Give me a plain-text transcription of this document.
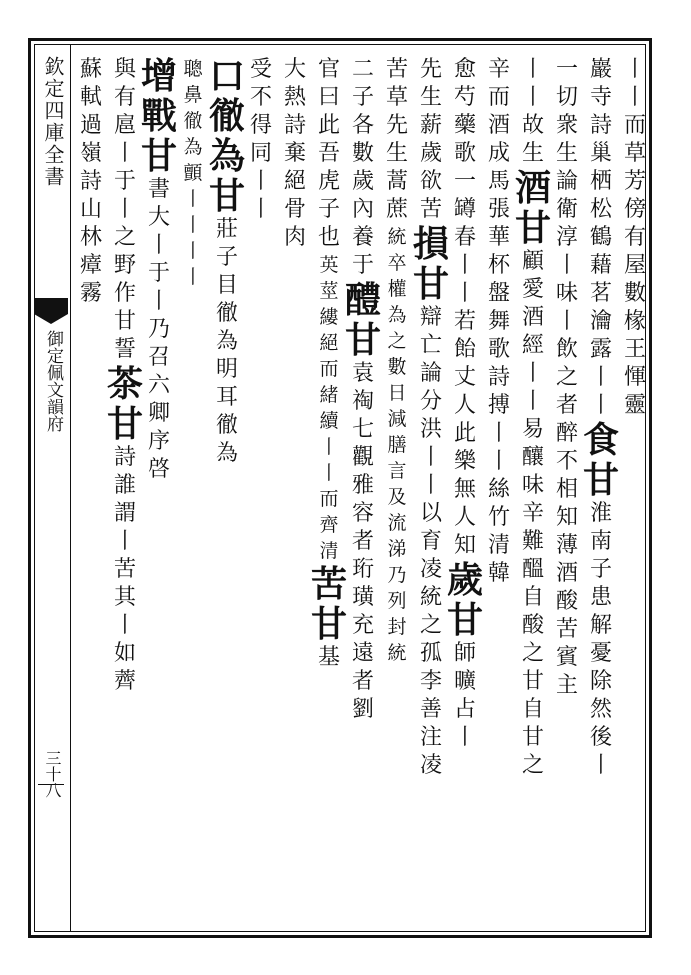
欽定四庫全書
御定佩文韻府
三十八
丨
丨
而
草
芳
傍
有
屋
數
椽
王
惲
靈
巖
寺
詩
巢
栖
松
鶴
藉
茗
瀹
露
丨
丨
食
甘
淮
南
子
患
解
憂
除
然
後
丨
一
切
衆
生
論
衛
淳
丨
味
丨
飲
之
者
醉
不
相
知
薄
酒
酸
苦
賓
主
丨
丨
故
生
酒
甘
顧
愛
酒
經
丨
丨
易
釀
味
辛
難
醞
自
酸
之
甘
自
甘
之
辛
而
酒
成
馬
張
華
杯
盤
舞
歌
詩
搏
丨
丨
絲
竹
清
韓
愈
芍
藥
歌
一
罇
春
丨
丨
若
飴
丈
人
此
樂
無
人
知
歲
甘
師
曠
占
丨
先
生
薪
歲
欲
苦
損
甘
辯
亡
論
分
洪
丨
丨
以
育
凌
統
之
孤
李
善
注
凌
苦
草
先
生
蒿
蔗
統
卒
權
為
之
數
日
減
膳
言
及
流
涕
乃
列
封
統
二
子
各
數
歲
內
養
于
醴
甘
袁
祹
七
觀
雅
容
者
珩
璜
充
遠
者
劉
官
曰
此
吾
虎
子
也
英
莖
縷
絕
而
緒
續
丨
丨
而
齊
清
苦
甘
基
大
熱
詩
棄
絕
骨
肉
受
不
得
同
丨
丨
口
徹
為
甘
莊
子
目
徹
為
明
耳
徹
為
聰
鼻
徹
為
顫
丨
丨
丨
丨
增
戰
甘
書
大
丨
于
丨
乃
召
六
卿
序
啓
與
有
扈
丨
于
丨
之
野
作
甘
誓
茶
甘
詩
誰
謂
丨
苦
其
丨
如
薺
蘇
軾
過
嶺
詩
山
林
瘴
霧
